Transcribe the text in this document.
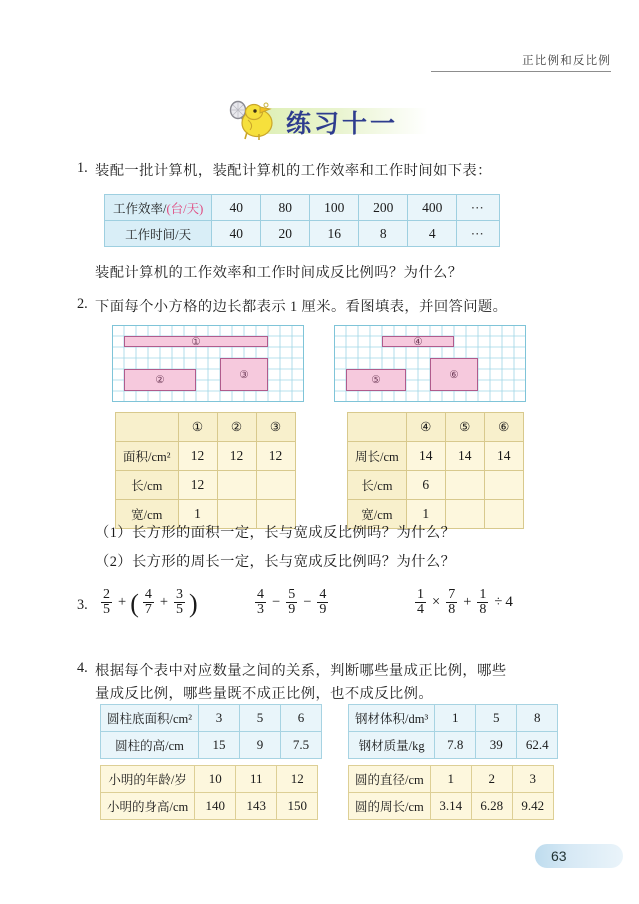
正比例和反比例
练习十一
1. 装配一批计算机，装配计算机的工作效率和工作时间如下表：
工作效率/(台/天)	40	80	100	200	400	⋯
工作时间/天	40	20	16	8	4	⋯
装配计算机的工作效率和工作时间成反比例吗？为什么？
2. 下面每个小方格的边长都表示 1 厘米。看图填表，并回答问题。
①
②	③
④
⑤	⑥
	①	②	③
面积/cm²	12	12	12
长/cm	12		
宽/cm	1		
	④	⑤	⑥
周长/cm	14	14	14
长/cm	6		
宽/cm	1		
（1）长方形的面积一定，长与宽成反比例吗？为什么？
（2）长方形的周长一定，长与宽成反比例吗？为什么？
3. $\frac{2}{5}$ + ( $\frac{4}{7} + \frac{3}{5}$ )	$\frac{4}{3} - \frac{5}{9} - \frac{4}{9}$	$\frac{1}{4} \times \frac{7}{8} + \frac{1}{8} \div 4$
4. 根据每个表中对应数量之间的关系，判断哪些量成正比例，哪些
量成反比例，哪些量既不成正比例，也不成反比例。
圆柱底面积/cm²	3	5	6
圆柱的高/cm	15	9	7.5
钢材体积/dm³	1	5	8
钢材质量/kg	7.8	39	62.4
小明的年龄/岁	10	11	12
小明的身高/cm	140	143	150
圆的直径/cm	1	2	3
圆的周长/cm	3.14	6.28	9.42
63
